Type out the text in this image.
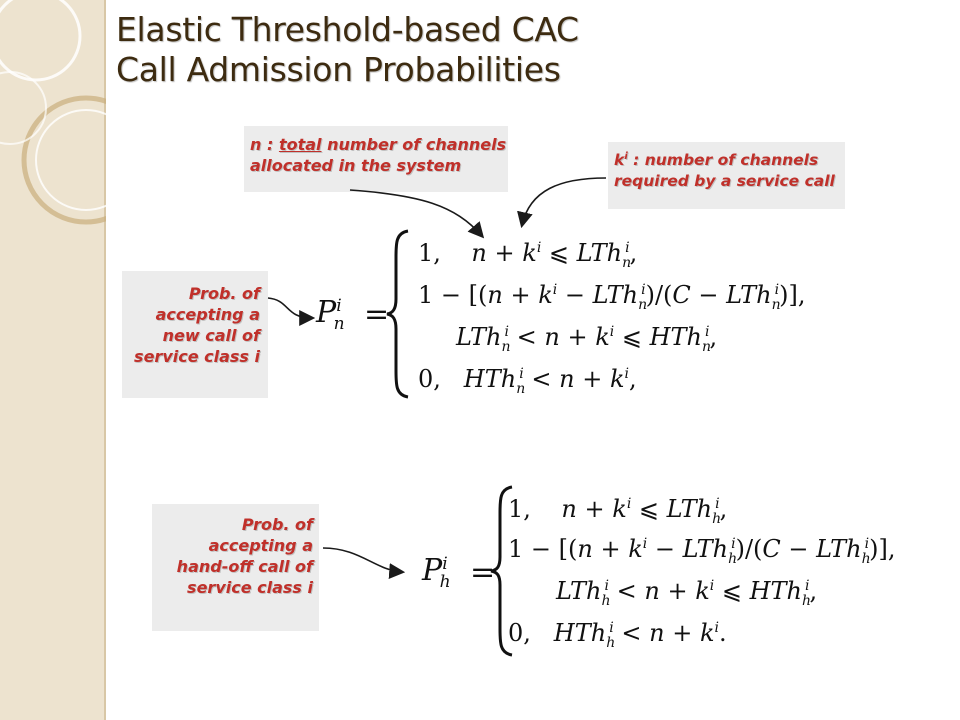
Elastic Threshold-based CAC
Call Admission Probabilities
n : total number of channels allocated in the system	$k^i$ : number of channels required by a service call
Prob. of
accepting a
new call of
service class i
Prob. of
accepting a
hand-off call of
service class i
$P^i_n$ =
1,    $n + k^i$ ⩽ LTh$_n^i$,
$1 - [(n + k^i - LTh_n^i)/(C - LTh_n^i)]$,
$LTh_n^i < n + k^i$ ⩽ HTh$_n^i$,
0,   $HTh_n^i < n + k^i$,
$P^i_h$ =
1,    $n + k^i$ ⩽ LTh$_h^i$,
$1 - [(n + k^i - LTh_h^i)/(C - LTh_h^i)]$,
$LTh_h^i < n + k^i$ ⩽ HTh$_h^i$,
0,   $HTh_h^i < n + k^i$.
